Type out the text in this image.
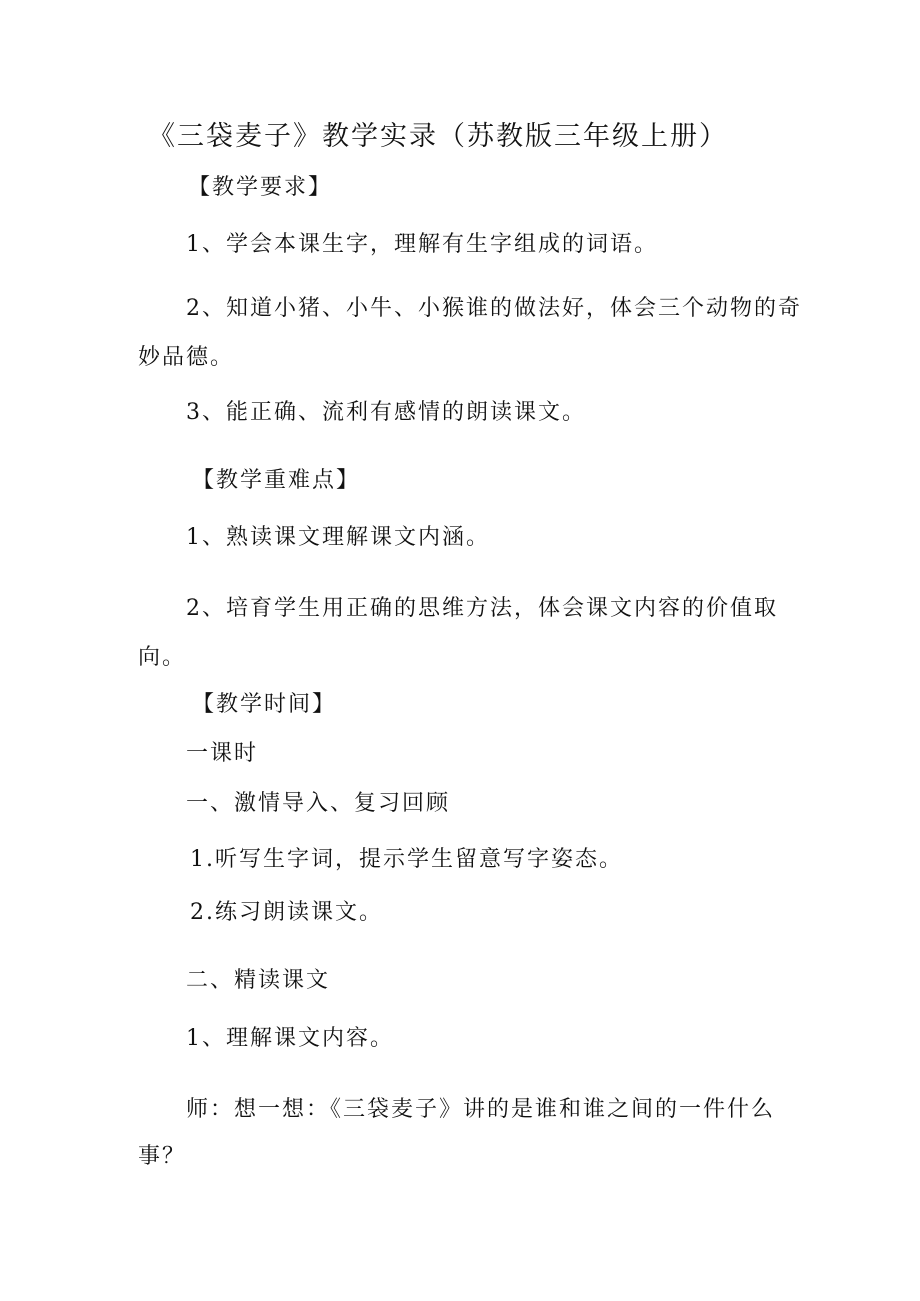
《三袋麦子》教学实录（苏教版三年级上册）
【教学要求】
1、学会本课生字，理解有生字组成的词语。
2、知道小猪、小牛、小猴谁的做法好，体会三个动物的奇
妙品德。
3、能正确、流利有感情的朗读课文。
【教学重难点】
1、熟读课文理解课文内涵。
2、培育学生用正确的思维方法，体会课文内容的价值取
向。
【教学时间】
一课时
一、激情导入、复习回顾
1.听写生字词，提示学生留意写字姿态。
2.练习朗读课文。
二、精读课文
1、理解课文内容。
师：想一想：《三袋麦子》讲的是谁和谁之间的一件什么
事？
